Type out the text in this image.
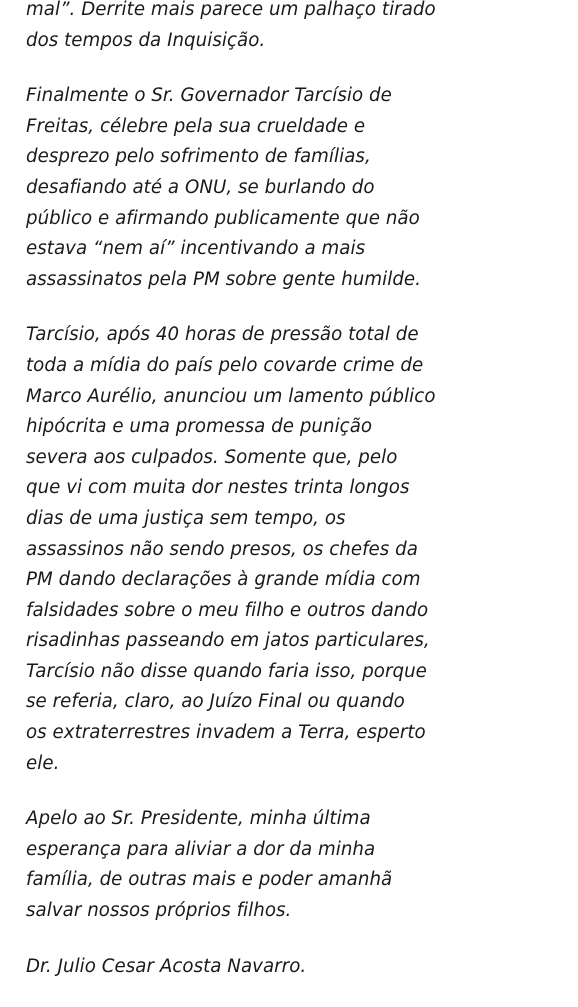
mal”. Derrite mais parece um palhaço tirado
dos tempos da Inquisição.

Finalmente o Sr. Governador Tarcísio de
Freitas, célebre pela sua crueldade e
desprezo pelo sofrimento de famílias,
desafiando até a ONU, se burlando do
público e afirmando publicamente que não
estava “nem aí” incentivando a mais
assassinatos pela PM sobre gente humilde.

Tarcísio, após 40 horas de pressão total de
toda a mídia do país pelo covarde crime de
Marco Aurélio, anunciou um lamento público
hipócrita e uma promessa de punição
severa aos culpados. Somente que, pelo
que vi com muita dor nestes trinta longos
dias de uma justiça sem tempo, os
assassinos não sendo presos, os chefes da
PM dando declarações à grande mídia com
falsidades sobre o meu filho e outros dando
risadinhas passeando em jatos particulares,
Tarcísio não disse quando faria isso, porque
se referia, claro, ao Juízo Final ou quando
os extraterrestres invadem a Terra, esperto
ele.

Apelo ao Sr. Presidente, minha última
esperança para aliviar a dor da minha
família, de outras mais e poder amanhã
salvar nossos próprios filhos.

Dr. Julio Cesar Acosta Navarro.
